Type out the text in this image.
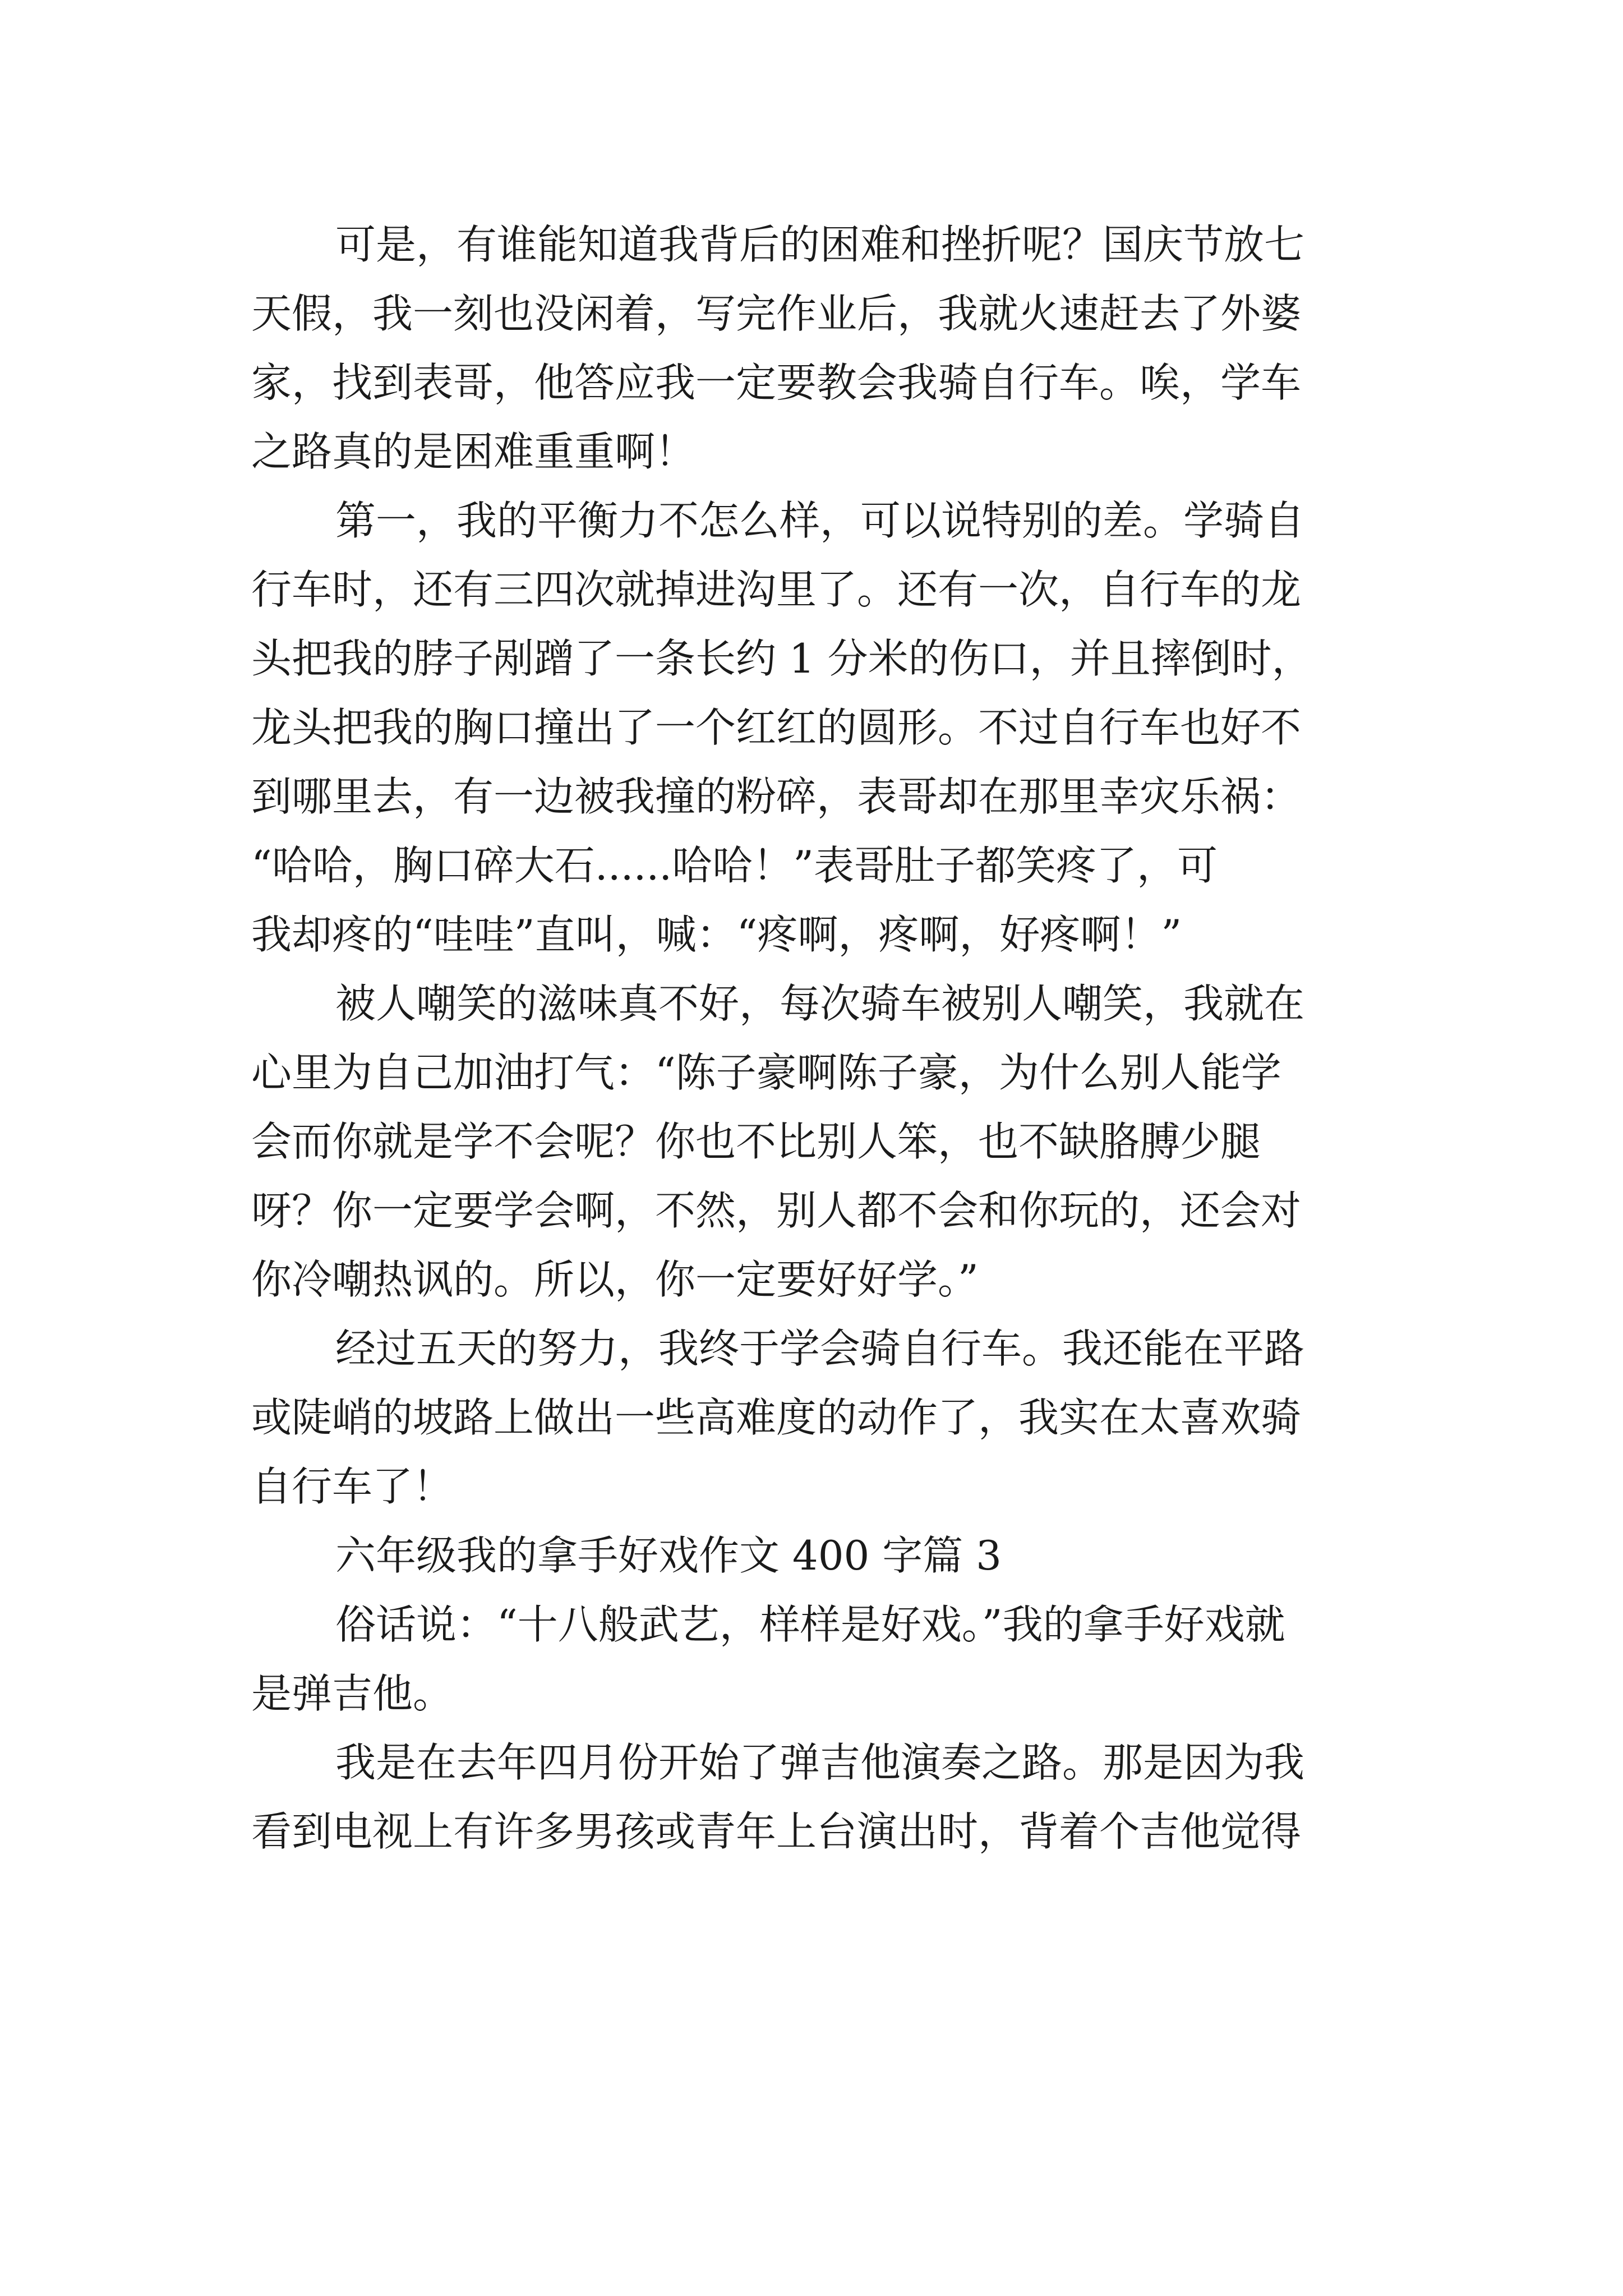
可是，有谁能知道我背后的困难和挫折呢？国庆节放七
天假，我一刻也没闲着，写完作业后，我就火速赶去了外婆
家，找到表哥，他答应我一定要教会我骑自行车。唉，学车
之路真的是困难重重啊！
第一，我的平衡力不怎么样，可以说特别的差。学骑自
行车时，还有三四次就掉进沟里了。还有一次，自行车的龙
头把我的脖子剐蹭了一条长约 1 分米的伤口，并且摔倒时，
龙头把我的胸口撞出了一个红红的圆形。不过自行车也好不
到哪里去，有一边被我撞的粉碎，表哥却在那里幸灾乐祸：
“哈哈，胸口碎大石......哈哈！”表哥肚子都笑疼了，可
我却疼的“哇哇”直叫，喊：“疼啊，疼啊，好疼啊！”
被人嘲笑的滋味真不好，每次骑车被别人嘲笑，我就在
心里为自己加油打气：“陈子豪啊陈子豪，为什么别人能学
会而你就是学不会呢？你也不比别人笨，也不缺胳膊少腿
呀？你一定要学会啊，不然，别人都不会和你玩的，还会对
你冷嘲热讽的。所以，你一定要好好学。”
经过五天的努力，我终于学会骑自行车。我还能在平路
或陡峭的坡路上做出一些高难度的动作了，我实在太喜欢骑
自行车了！
六年级我的拿手好戏作文 400 字篇 3
俗话说：“十八般武艺，样样是好戏。”我的拿手好戏就
是弹吉他。
我是在去年四月份开始了弹吉他演奏之路。那是因为我
看到电视上有许多男孩或青年上台演出时，背着个吉他觉得
